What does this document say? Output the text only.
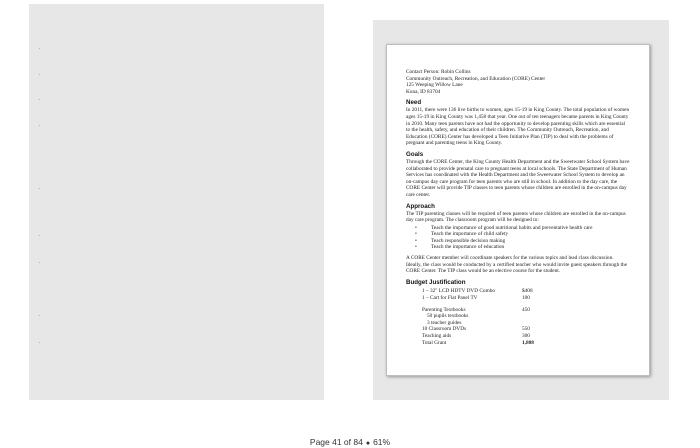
Contact Person: Robin Collins
Community Outreach, Recreation, and Education (CORE) Center
125 Weeping Willow Lane
Kuna, ID 83704
Need

In 2011, there were 136 live births to women, ages 15-19 in King County. The total population of women ages 15-19 in King County was 1,458 that year. One out of ten teenagers became parents in King County in 2010. Many teen parents have not had the opportunity to develop parenting skills which are essential to the health, safety, and education of their children. The Community Outreach, Recreation, and Education (CORE) Center has developed a Teen Initiative Plan (TIP) to deal with the problems of pregnant and parenting teens in King County.

Goals

Through the CORE Center, the King County Health Department and the Sweetwater School System have collaborated to provide prenatal care to pregnant teens at local schools. The State Department of Human Services has coordinated with the Health Department and the Sweetwater School System to develop an on-campus day care program for teen parents who are still in school. In addition to the day care, the CORE Center will provide TIP classes to teen parents whose children are enrolled in the on-campus day care center.

Approach

The TIP parenting classes will be required of teen parents whose children are enrolled in the on-campus day care program. The classroom program will be designed to:

• Teach the importance of good nutritional habits and preventative health care
• Teach the importance of child safety
• Teach responsible decision making
• Teach the importance of education

A CORE Center member will coordinate speakers for the various topics and lead class discussion. Ideally, the class would be conducted by a certified teacher who would invite guest speakers through the CORE Center. The TIP class would be an elective course for the student.

Budget Justification
1 – 32" LCD HDTV DVD Combo	$408
1 – Cart for Flat Panel TV	100
Parenting Textbooks	450
50 pupils textbooks
3 teacher guides
10 Classroom DVDs	550
Teaching aids	300
Total Grant	1,808
Page 41 of 84 ● 61%
